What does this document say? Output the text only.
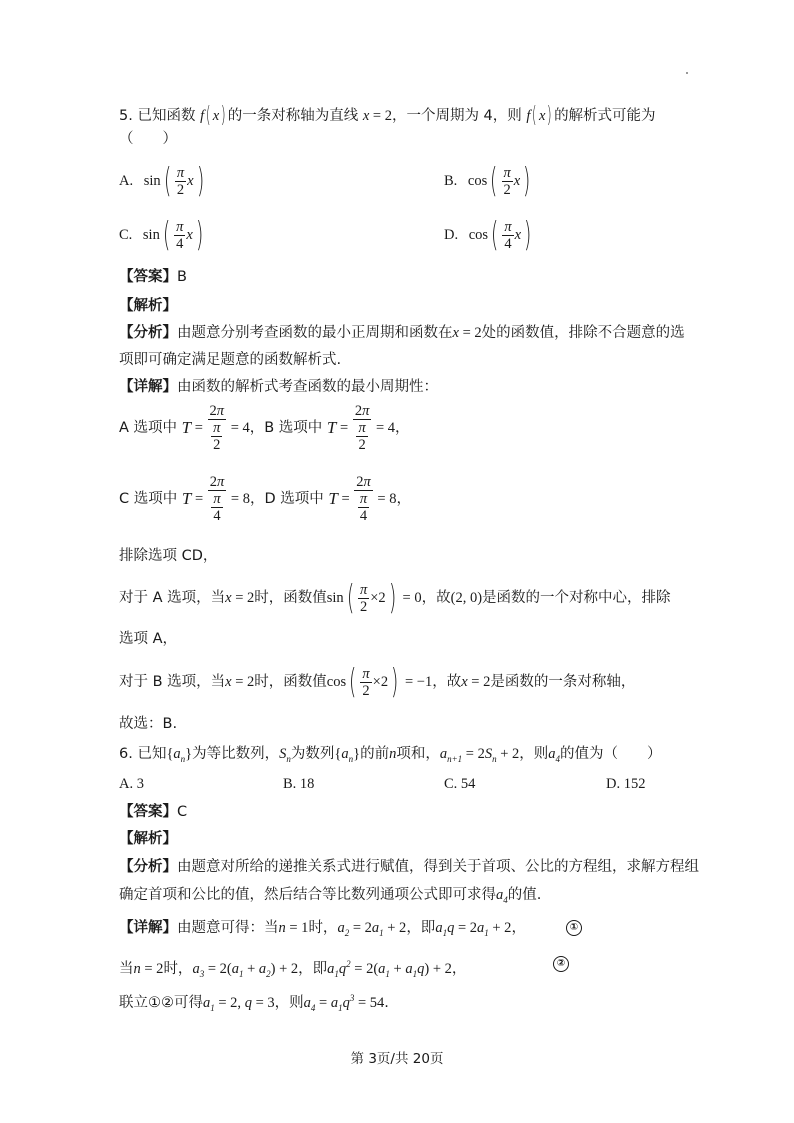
5. 已知函数 f( x) 的一条对称轴为直线 x = 2，一个周期为 4，则 f( x) 的解析式可能为
（　　）
A. $\sin( \frac{\pi}{2} x)$	B. $\cos( \frac{\pi}{2} x)$
C. $\sin( \frac{\pi}{4} x)$	D. $\cos( \frac{\pi}{4} x)$
【答案】B
【解析】
【分析】由题意分别考查函数的最小正周期和函数在x = 2处的函数值，排除不合题意的选
项即可确定满足题意的函数解析式.
【详解】由函数的解析式考查函数的最小周期性：
A 选项中 $T = \frac{2\pi}{\frac{\pi}{2}} = 4$，B 选项中 $T = \frac{2\pi}{\frac{\pi}{2}} = 4$，
C 选项中 $T = \frac{2\pi}{\frac{\pi}{4}} = 8$，D 选项中 $T = \frac{2\pi}{\frac{\pi}{4}} = 8$，
排除选项 CD，
对于 A 选项，当x = 2时，函数值$\sin( \frac{\pi}{2} \times 2) = 0$，故(2, 0)是函数的一个对称中心，排除
选项 A，
对于 B 选项，当x = 2时，函数值$\cos( \frac{\pi}{2} \times 2) = -1$，故x = 2是函数的一条对称轴，
故选：B.
6. 已知$\{a_n\}$为等比数列，$S_n$为数列$\{a_n\}$的前n项和，$a_{n+1} = 2S_n + 2$，则$a_4$的值为（　　）
A. 3	B. 18	C. 54	D. 152
【答案】C
【解析】
【分析】由题意对所给的递推关系式进行赋值，得到关于首项、公比的方程组，求解方程组
确定首项和公比的值，然后结合等比数列通项公式即可求得$a_4$的值.
【详解】由题意可得：当n = 1时，$a_2 = 2a_1 + 2$，即$a_1q = 2a_1 + 2$，	①
当n = 2时，$a_3 = 2(a_1 + a_2) + 2$，即$a_1q^2 = 2(a_1 + a_1q) + 2$，	②
联立①②可得$a_1 = 2$, q = 3，则$a_4 = a_1q^3 = 54$.
第 3页/共 20页
